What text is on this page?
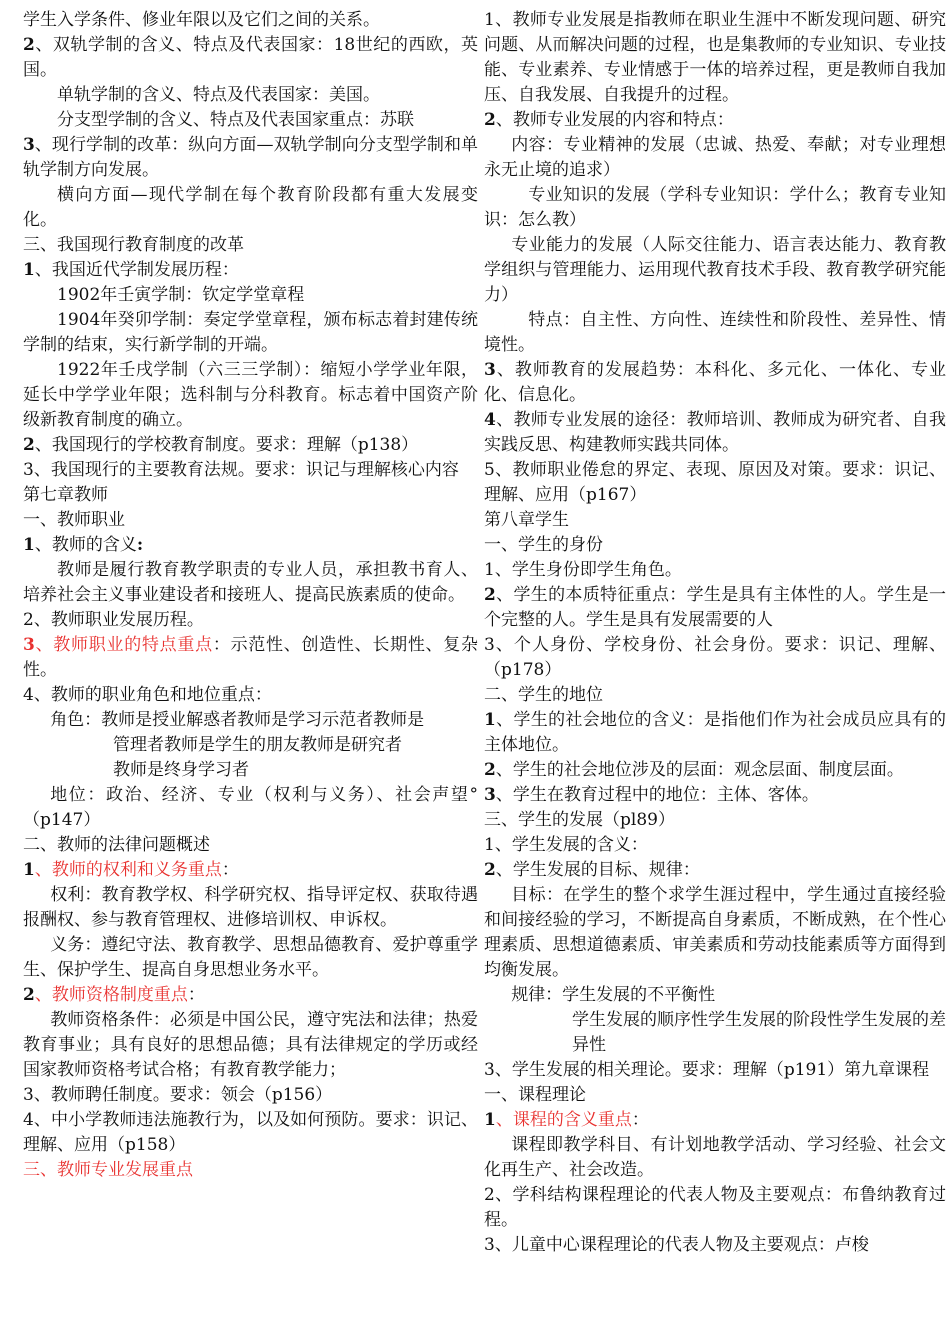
学生入学条件、修业年限以及它们之间的关系。

2、双轨学制的含义、特点及代表国家：18世纪的西欧，英国。

单轨学制的含义、特点及代表国家：美国。

分支型学制的含义、特点及代表国家重点：苏联

3、现行学制的改革：纵向方面—双轨学制向分支型学制和单轨学制方向发展。

横向方面—现代学制在每个教育阶段都有重大发展变化。

三、我国现行教育制度的改革

1、我国近代学制发展历程：

1902年壬寅学制：钦定学堂章程

1904年癸卯学制：奏定学堂章程，颁布标志着封建传统学制的结束，实行新学制的开端。

1922年壬戌学制（六三三学制）：缩短小学学业年限，延长中学学业年限；选科制与分科教育。标志着中国资产阶级新教育制度的确立。

2、我国现行的学校教育制度。要求：理解（p138）

3、我国现行的主要教育法规。要求：识记与理解核心内容

第七章教师

一、教师职业

1、教师的含义:

教师是履行教育教学职责的专业人员，承担教书育人、培养社会主义事业建设者和接班人、提高民族素质的使命。

2、教师职业发展历程。

3、教师职业的特点重点：示范性、创造性、长期性、复杂性。

4、教师的职业角色和地位重点：

角色：教师是授业解惑者教师是学习示范者教师是

管理者教师是学生的朋友教师是研究者

教师是终身学习者

地位：政治、经济、专业（权利与义务）、社会声望°（p147）

二、教师的法律问题概述

1、教师的权利和义务重点：

权利：教育教学权、科学研究权、指导评定权、获取待遇报酬权、参与教育管理权、进修培训权、申诉权。

义务：遵纪守法、教育教学、思想品德教育、爱护尊重学生、保护学生、提高自身思想业务水平。

2、教师资格制度重点：

教师资格条件：必须是中国公民，遵守宪法和法律；热爱教育事业；具有良好的思想品德；具有法律规定的学历或经国家教师资格考试合格；有教育教学能力；

3、教师聘任制度。要求：领会（p156）

4、中小学教师违法施教行为，以及如何预防。要求：识记、理解、应用（p158）

三、教师专业发展重点

1、教师专业发展是指教师在职业生涯中不断发现问题、研究问题、从而解决问题的过程，也是集教师的专业知识、专业技能、专业素养、专业情感于一体的培养过程，更是教师自我加压、自我发展、自我提升的过程。

2、教师专业发展的内容和特点：

内容：专业精神的发展（忠诚、热爱、奉献；对专业理想永无止境的追求）

专业知识的发展（学科专业知识：学什么；教育专业知识：怎么教）

专业能力的发展（人际交往能力、语言表达能力、教育教学组织与管理能力、运用现代教育技术手段、教育教学研究能力）

特点：自主性、方向性、连续性和阶段性、差异性、情境性。

3、教师教育的发展趋势：本科化、多元化、一体化、专业化、信息化。

4、教师专业发展的途径：教师培训、教师成为研究者、自我实践反思、构建教师实践共同体。

5、教师职业倦怠的界定、表现、原因及对策。要求：识记、理解、应用（p167）

第八章学生

一、学生的身份

1、学生身份即学生角色。

2、学生的本质特征重点：学生是具有主体性的人。学生是一个完整的人。学生是具有发展需要的人

3、个人身份、学校身份、社会身份。要求：识记、理解、（p178）

二、学生的地位

1、学生的社会地位的含义：是指他们作为社会成员应具有的主体地位。

2、学生的社会地位涉及的层面：观念层面、制度层面。

3、学生在教育过程中的地位：主体、客体。

三、学生的发展（pl89）

1、学生发展的含义：

2、学生发展的目标、规律：

目标：在学生的整个求学生涯过程中，学生通过直接经验和间接经验的学习，不断提高自身素质，不断成熟，在个性心理素质、思想道德素质、审美素质和劳动技能素质等方面得到均衡发展。

规律：学生发展的不平衡性

学生发展的顺序性学生发展的阶段性学生发展的差异性

3、学生发展的相关理论。要求：理解（p191）第九章课程

一、课程理论

1、课程的含义重点：

课程即教学科目、有计划地教学活动、学习经验、社会文化再生产、社会改造。

2、学科结构课程理论的代表人物及主要观点：布鲁纳教育过程。

3、儿童中心课程理论的代表人物及主要观点：卢梭
